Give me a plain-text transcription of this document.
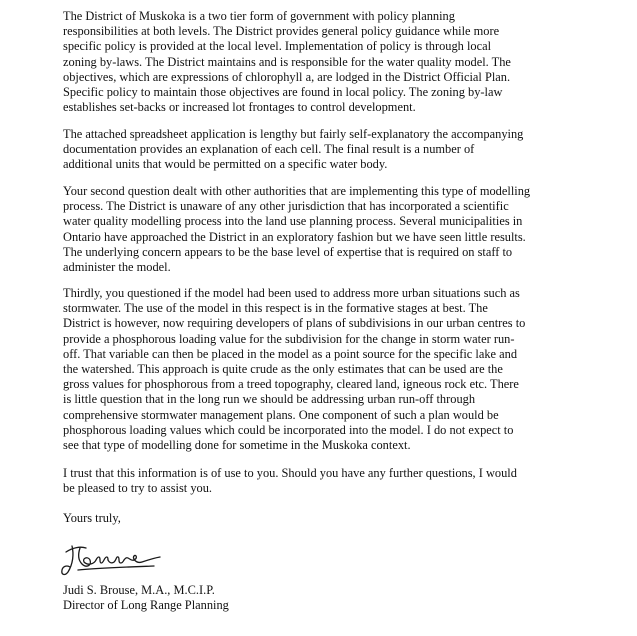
The District of Muskoka is a two tier form of government with policy planning
responsibilities at both levels. The District provides general policy guidance while more
specific policy is provided at the local level. Implementation of policy is through local
zoning by-laws. The District maintains and is responsible for the water quality model. The
objectives, which are expressions of chlorophyll a, are lodged in the District Official Plan.
Specific policy to maintain those objectives are found in local policy. The zoning by-law
establishes set-backs or increased lot frontages to control development.

The attached spreadsheet application is lengthy but fairly self-explanatory the accompanying
documentation provides an explanation of each cell. The final result is a number of
additional units that would be permitted on a specific water body.

Your second question dealt with other authorities that are implementing this type of modelling
process. The District is unaware of any other jurisdiction that has incorporated a scientific
water quality modelling process into the land use planning process. Several municipalities in
Ontario have approached the District in an exploratory fashion but we have seen little results.
The underlying concern appears to be the base level of expertise that is required on staff to
administer the model.

Thirdly, you questioned if the model had been used to address more urban situations such as
stormwater. The use of the model in this respect is in the formative stages at best. The
District is however, now requiring developers of plans of subdivisions in our urban centres to
provide a phosphorous loading value for the subdivision for the change in storm water run-
off. That variable can then be placed in the model as a point source for the specific lake and
the watershed. This approach is quite crude as the only estimates that can be used are the
gross values for phosphorous from a treed topography, cleared land, igneous rock etc. There
is little question that in the long run we should be addressing urban run-off through
comprehensive stormwater management plans. One component of such a plan would be
phosphorous loading values which could be incorporated into the model. I do not expect to
see that type of modelling done for sometime in the Muskoka context.

I trust that this information is of use to you. Should you have any further questions, I would
be pleased to try to assist you.

Yours truly,

Judi S. Brouse, M.A., M.C.I.P.
Director of Long Range Planning
